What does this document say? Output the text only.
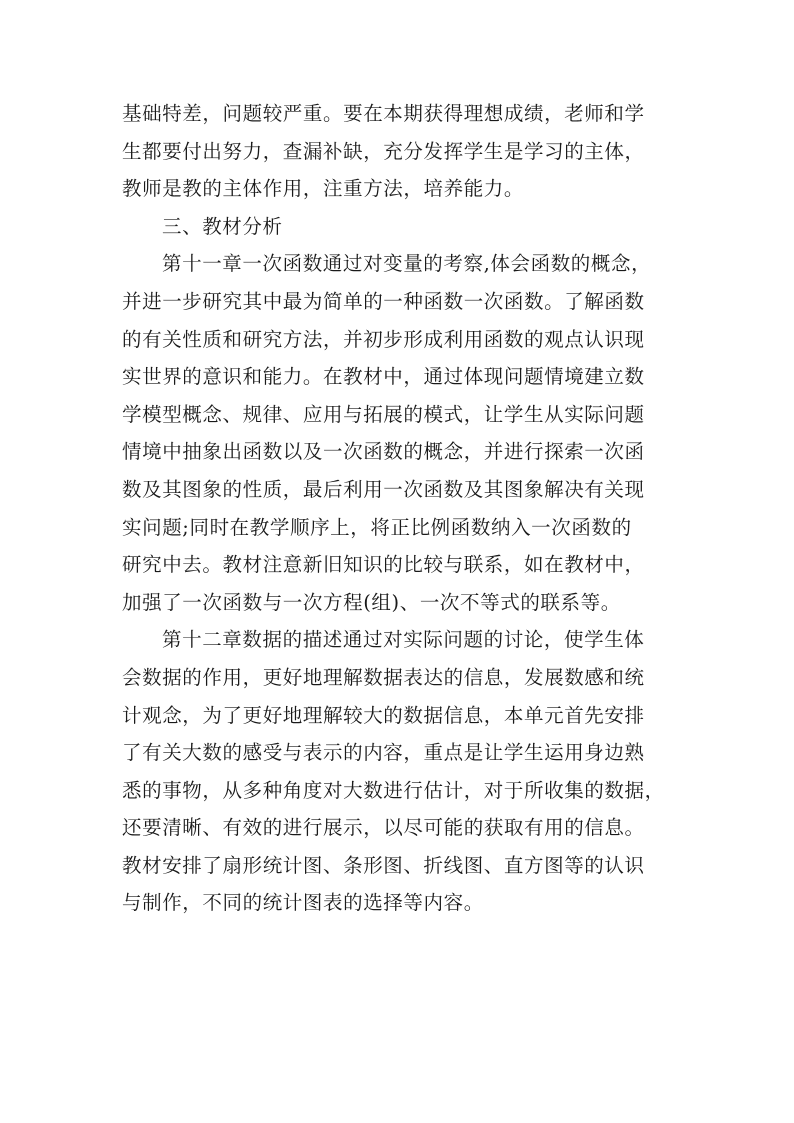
基础特差，问题较严重。要在本期获得理想成绩，老师和学
生都要付出努力，查漏补缺，充分发挥学生是学习的主体，
教师是教的主体作用，注重方法，培养能力。
三、教材分析
第十一章一次函数通过对变量的考察,体会函数的概念，
并进一步研究其中最为简单的一种函数一次函数。了解函数
的有关性质和研究方法，并初步形成利用函数的观点认识现
实世界的意识和能力。在教材中，通过体现问题情境建立数
学模型概念、规律、应用与拓展的模式，让学生从实际问题
情境中抽象出函数以及一次函数的概念，并进行探索一次函
数及其图象的性质，最后利用一次函数及其图象解决有关现
实问题;同时在教学顺序上，将正比例函数纳入一次函数的
研究中去。教材注意新旧知识的比较与联系，如在教材中，
加强了一次函数与一次方程(组)、一次不等式的联系等。
第十二章数据的描述通过对实际问题的讨论，使学生体
会数据的作用，更好地理解数据表达的信息，发展数感和统
计观念，为了更好地理解较大的数据信息，本单元首先安排
了有关大数的感受与表示的内容，重点是让学生运用身边熟
悉的事物，从多种角度对大数进行估计，对于所收集的数据，
还要清晰、有效的进行展示，以尽可能的获取有用的信息。
教材安排了扇形统计图、条形图、折线图、直方图等的认识
与制作，不同的统计图表的选择等内容。
